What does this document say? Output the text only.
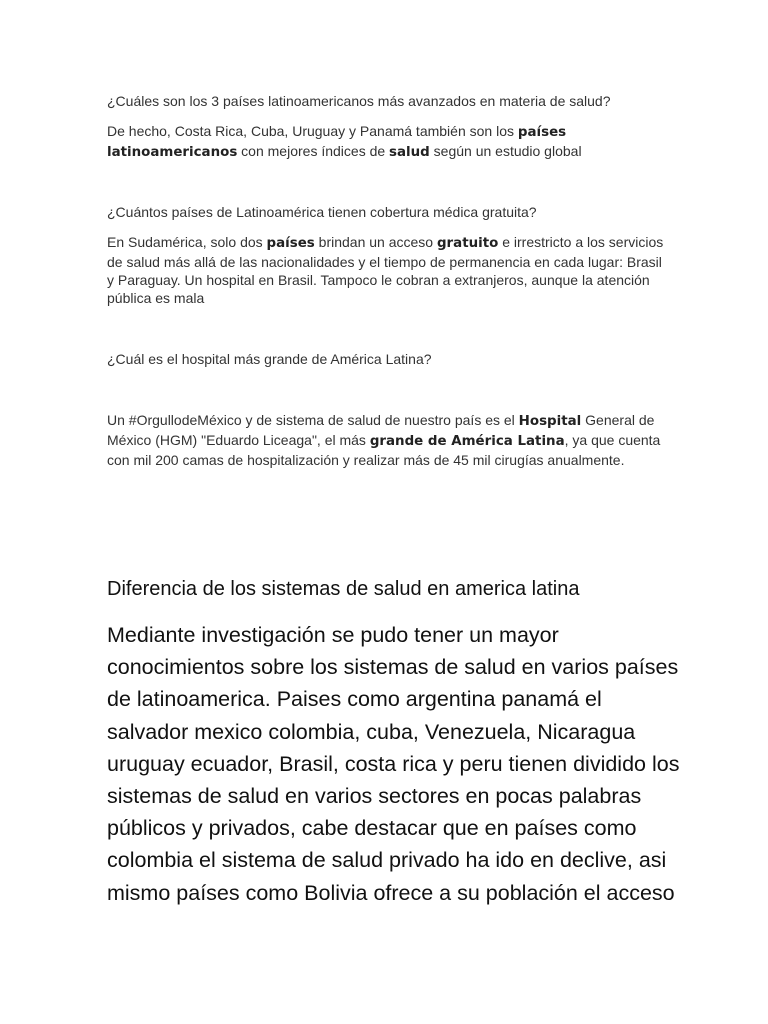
¿Cuáles son los 3 países latinoamericanos más avanzados en materia de salud?

De hecho, Costa Rica, Cuba, Uruguay y Panamá también son los países latinoamericanos con mejores índices de salud según un estudio global

¿Cuántos países de Latinoamérica tienen cobertura médica gratuita?

En Sudamérica, solo dos países brindan un acceso gratuito e irrestricto a los servicios de salud más allá de las nacionalidades y el tiempo de permanencia en cada lugar: Brasil y Paraguay. Un hospital en Brasil. Tampoco le cobran a extranjeros, aunque la atención pública es mala

¿Cuál es el hospital más grande de América Latina?

Un #OrgullodeMéxico y de sistema de salud de nuestro país es el Hospital General de México (HGM) "Eduardo Liceaga", el más grande de América Latina, ya que cuenta con mil 200 camas de hospitalización y realizar más de 45 mil cirugías anualmente.

Diferencia de los sistemas de salud en america latina

Mediante investigación se pudo tener un mayor conocimientos sobre los sistemas de salud en varios países de latinoamerica. Paises como argentina panamá el salvador mexico colombia, cuba, Venezuela, Nicaragua uruguay ecuador, Brasil, costa rica y peru tienen dividido los sistemas de salud en varios sectores en pocas palabras públicos y privados, cabe destacar que en países como colombia el sistema de salud privado ha ido en declive, asi mismo países como Bolivia ofrece a su población el acceso
